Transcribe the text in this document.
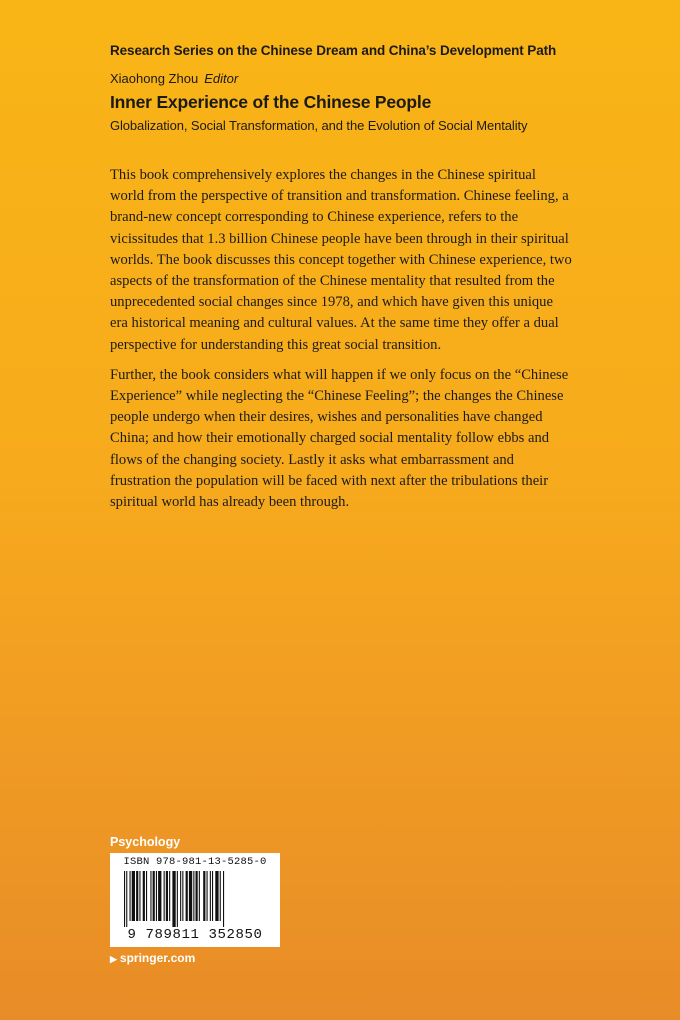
Research Series on the Chinese Dream and China’s Development Path
Xiaohong Zhou Editor
Inner Experience of the Chinese People
Globalization, Social Transformation, and the Evolution of Social Mentality

This book comprehensively explores the changes in the Chinese spiritual world from the perspective of transition and transformation. Chinese feeling, a brand-new concept corresponding to Chinese experience, refers to the vicissitudes that 1.3 billion Chinese people have been through in their spiritual worlds. The book discusses this concept together with Chinese experience, two aspects of the transformation of the Chinese mentality that resulted from the unprecedented social changes since 1978, and which have given this unique era historical meaning and cultural values. At the same time they offer a dual perspective for understanding this great social transition.

Further, the book considers what will happen if we only focus on the “Chinese Experience” while neglecting the “Chinese Feeling”; the changes the Chinese people undergo when their desires, wishes and personalities have changed China; and how their emotionally charged social mentality follow ebbs and flows of the changing society. Lastly it asks what embarrassment and frustration the population will be faced with next after the tribulations their spiritual world has already been through.

Psychology
ISBN 978-981-13-5285-0
9 789811 352850
▶ springer.com
